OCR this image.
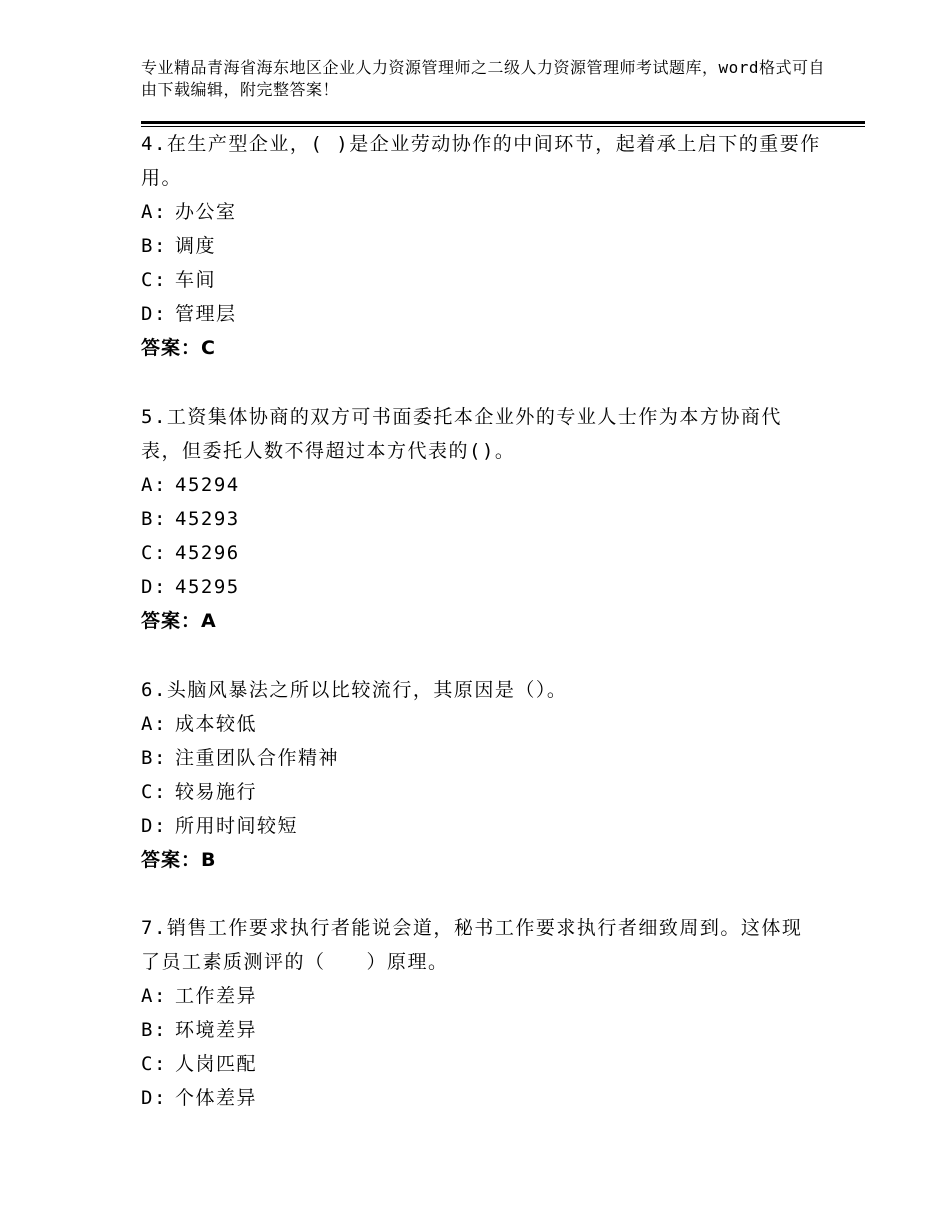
专业精品青海省海东地区企业人力资源管理师之二级人力资源管理师考试题库，word格式可自由下载编辑，附完整答案！
4.在生产型企业，( )是企业劳动协作的中间环节，起着承上启下的重要作用。
A: 办公室
B: 调度
C: 车间
D: 管理层
答案：C
5.工资集体协商的双方可书面委托本企业外的专业人士作为本方协商代表，但委托人数不得超过本方代表的()。
A: 45294
B: 45293
C: 45296
D: 45295
答案：A
6.头脑风暴法之所以比较流行，其原因是（）。
A: 成本较低
B: 注重团队合作精神
C: 较易施行
D: 所用时间较短
答案：B
7.销售工作要求执行者能说会道，秘书工作要求执行者细致周到。这体现了员工素质测评的（　　）原理。
A: 工作差异
B: 环境差异
C: 人岗匹配
D: 个体差异
